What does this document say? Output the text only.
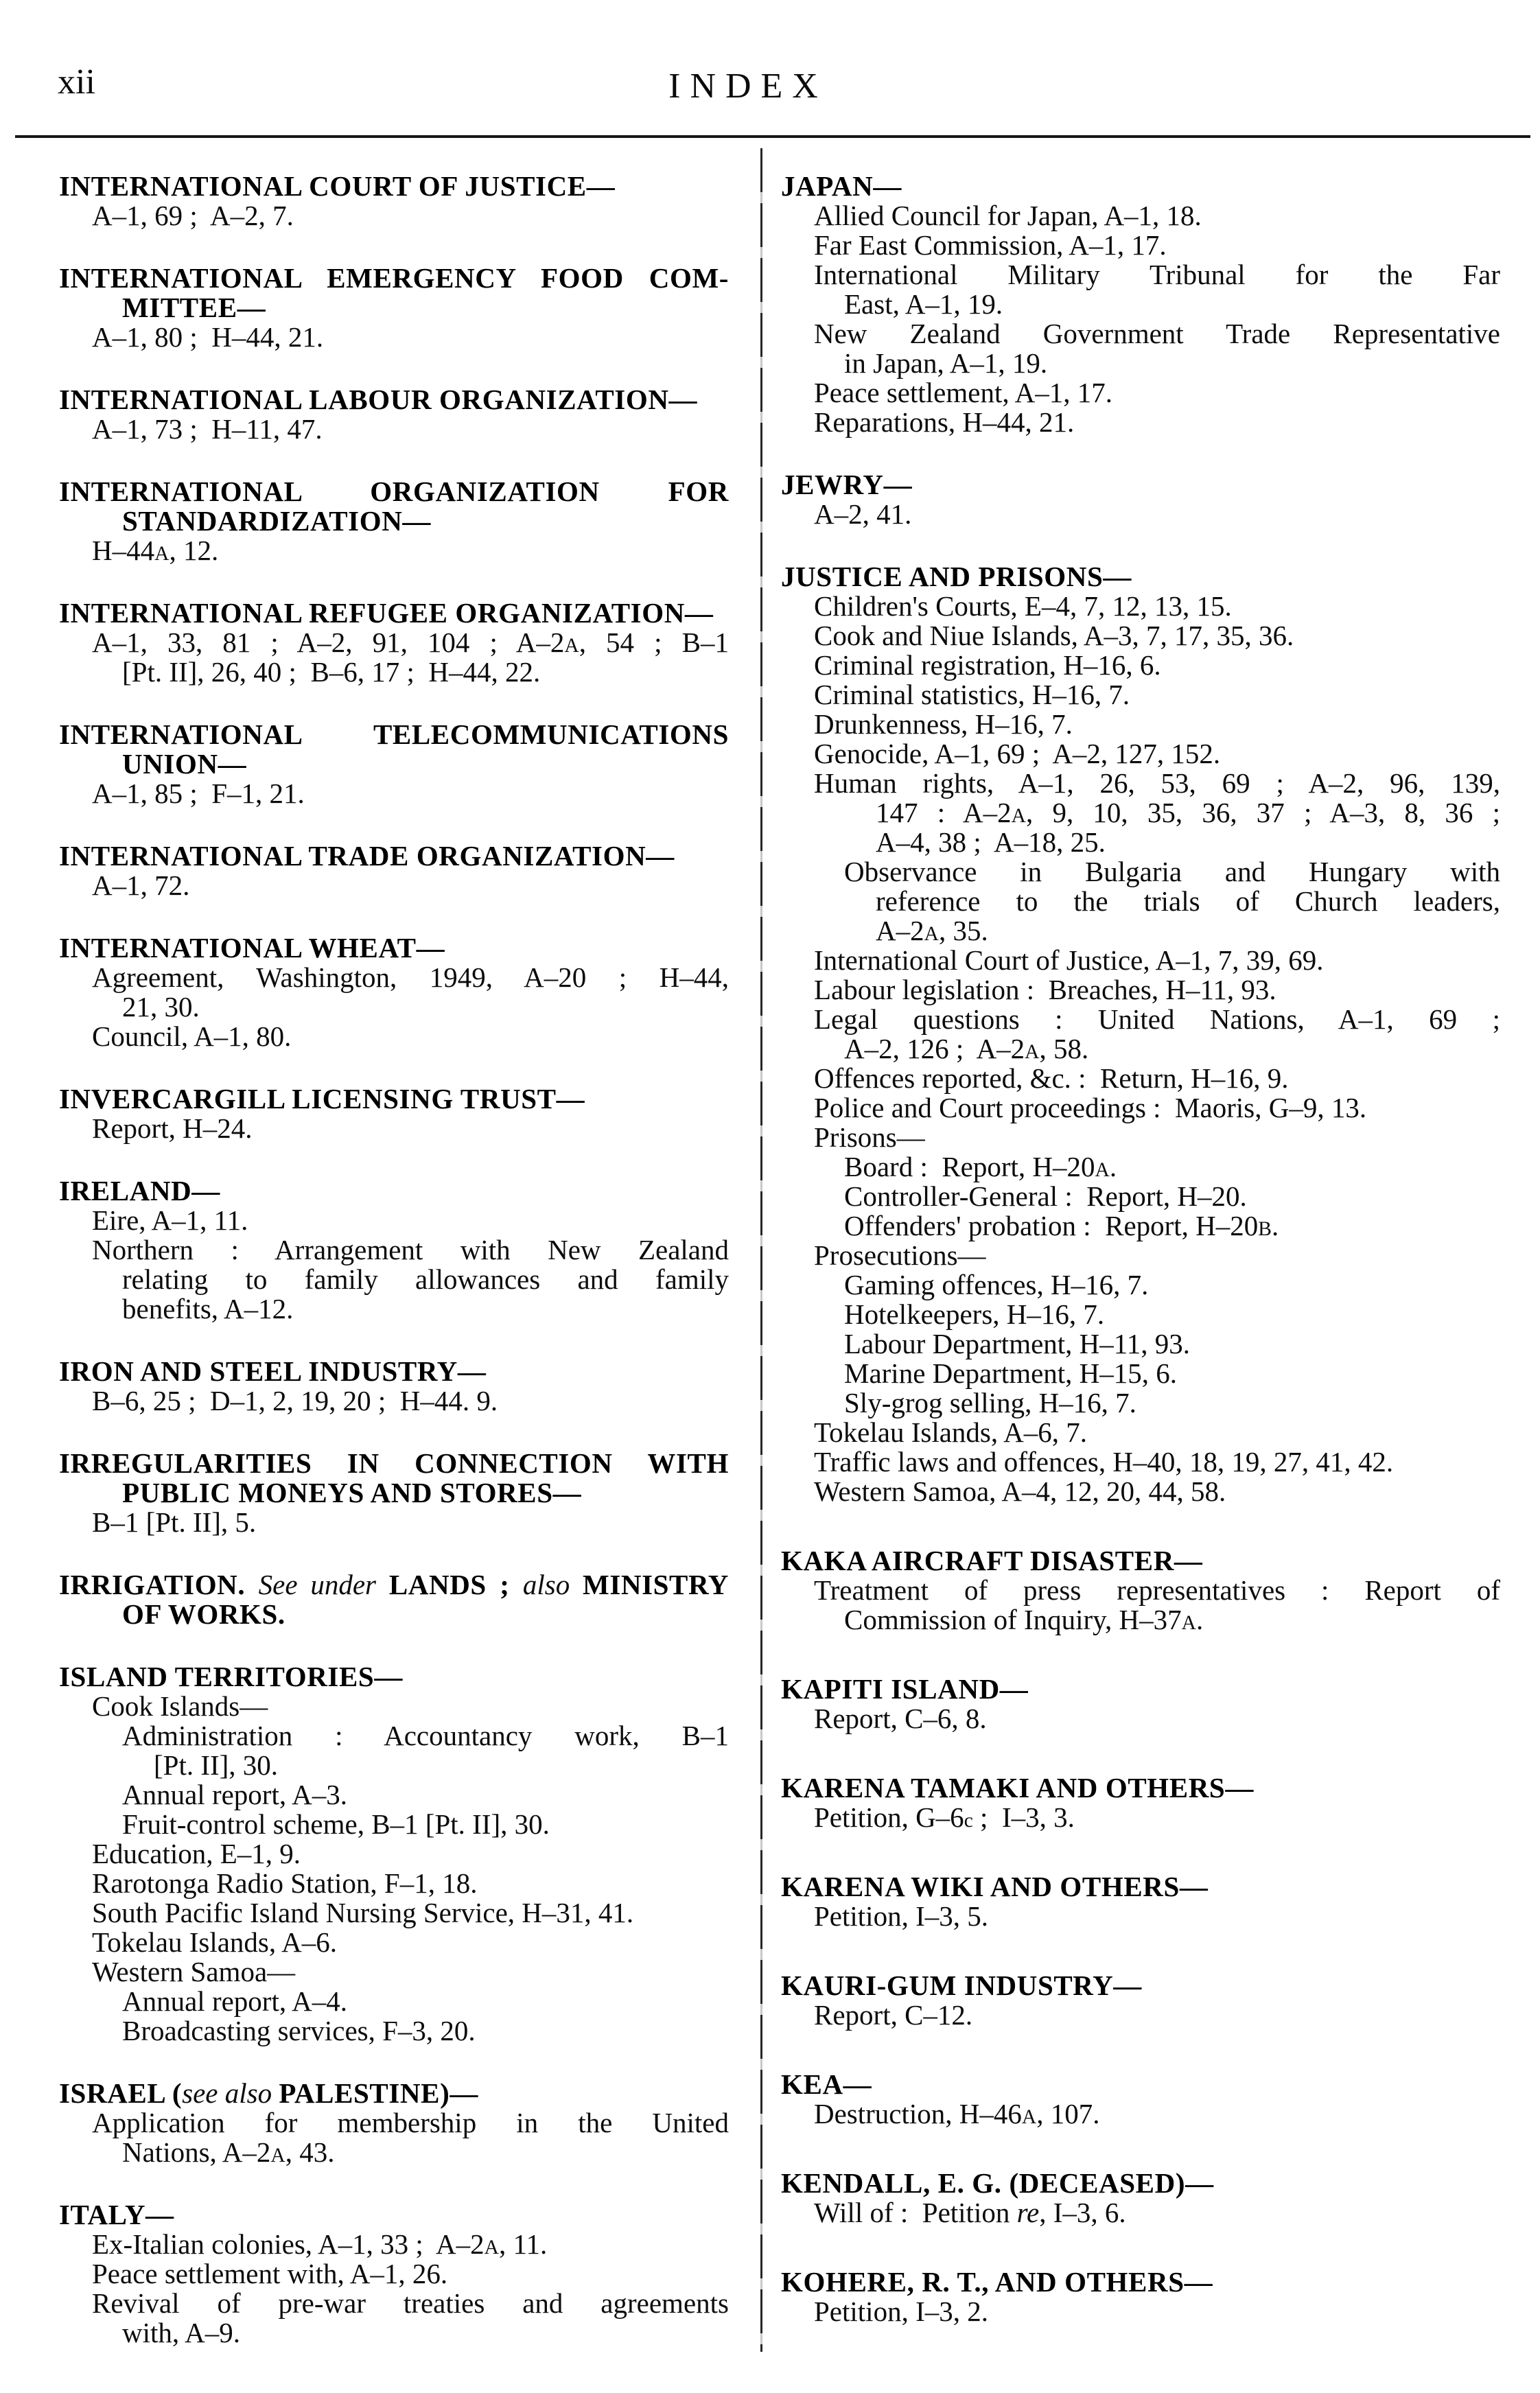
xii	INDEX
INTERNATIONAL COURT OF JUSTICE—
A–1, 69 ;  A–2, 7.
INTERNATIONAL EMERGENCY FOOD COM-
MITTEE—
A–1, 80 ;  H–44, 21.
INTERNATIONAL LABOUR ORGANIZATION—
A–1, 73 ;  H–11, 47.
INTERNATIONAL ORGANIZATION FOR
STANDARDIZATION—
H–44A, 12.
INTERNATIONAL REFUGEE ORGANIZATION—
A–1, 33, 81 ; A–2, 91, 104 ; A–2A, 54 ; B–1
[Pt. II], 26, 40 ;  B–6, 17 ;  H–44, 22.
INTERNATIONAL TELECOMMUNICATIONS
UNION—
A–1, 85 ;  F–1, 21.
INTERNATIONAL TRADE ORGANIZATION—
A–1, 72.
INTERNATIONAL WHEAT—
Agreement, Washington, 1949, A–20 ; H–44,
21, 30.
Council, A–1, 80.
INVERCARGILL LICENSING TRUST—
Report, H–24.
IRELAND—
Eire, A–1, 11.
Northern : Arrangement with New Zealand
relating to family allowances and family
benefits, A–12.
IRON AND STEEL INDUSTRY—
B–6, 25 ;  D–1, 2, 19, 20 ;  H–44. 9.
IRREGULARITIES IN CONNECTION WITH
PUBLIC MONEYS AND STORES—
B–1 [Pt. II], 5.
IRRIGATION. See under LANDS ; also MINISTRY
OF WORKS.
ISLAND TERRITORIES—
Cook Islands—
Administration : Accountancy work, B–1
[Pt. II], 30.
Annual report, A–3.
Fruit-control scheme, B–1 [Pt. II], 30.
Education, E–1, 9.
Rarotonga Radio Station, F–1, 18.
South Pacific Island Nursing Service, H–31, 41.
Tokelau Islands, A–6.
Western Samoa—
Annual report, A–4.
Broadcasting services, F–3, 20.
ISRAEL (see also PALESTINE)—
Application for membership in the United
Nations, A–2A, 43.
ITALY—
Ex-Italian colonies, A–1, 33 ;  A–2A, 11.
Peace settlement with, A–1, 26.
Revival of pre-war treaties and agreements
with, A–9.
JAPAN—
Allied Council for Japan, A–1, 18.
Far East Commission, A–1, 17.
International Military Tribunal for the Far
East, A–1, 19.
New Zealand Government Trade Representative
in Japan, A–1, 19.
Peace settlement, A–1, 17.
Reparations, H–44, 21.
JEWRY—
A–2, 41.
JUSTICE AND PRISONS—
Children's Courts, E–4, 7, 12, 13, 15.
Cook and Niue Islands, A–3, 7, 17, 35, 36.
Criminal registration, H–16, 6.
Criminal statistics, H–16, 7.
Drunkenness, H–16, 7.
Genocide, A–1, 69 ;  A–2, 127, 152.
Human rights, A–1, 26, 53, 69 ; A–2, 96, 139,
147 : A–2A, 9, 10, 35, 36, 37 ; A–3, 8, 36 ;
A–4, 38 ;  A–18, 25.
Observance in Bulgaria and Hungary with
reference to the trials of Church leaders,
A–2A, 35.
International Court of Justice, A–1, 7, 39, 69.
Labour legislation :  Breaches, H–11, 93.
Legal questions : United Nations, A–1, 69 ;
A–2, 126 ;  A–2A, 58.
Offences reported, &c. :  Return, H–16, 9.
Police and Court proceedings :  Maoris, G–9, 13.
Prisons—
Board :  Report, H–20A.
Controller-General :  Report, H–20.
Offenders' probation :  Report, H–20B.
Prosecutions—
Gaming offences, H–16, 7.
Hotelkeepers, H–16, 7.
Labour Department, H–11, 93.
Marine Department, H–15, 6.
Sly-grog selling, H–16, 7.
Tokelau Islands, A–6, 7.
Traffic laws and offences, H–40, 18, 19, 27, 41, 42.
Western Samoa, A–4, 12, 20, 44, 58.
KAKA AIRCRAFT DISASTER—
Treatment of press representatives : Report of
Commission of Inquiry, H–37A.
KAPITI ISLAND—
Report, C–6, 8.
KARENA TAMAKI AND OTHERS—
Petition, G–6c ;  I–3, 3.
KARENA WIKI AND OTHERS—
Petition, I–3, 5.
KAURI-GUM INDUSTRY—
Report, C–12.
KEA—
Destruction, H–46A, 107.
KENDALL, E. G. (DECEASED)—
Will of :  Petition re, I–3, 6.
KOHERE, R. T., AND OTHERS—
Petition, I–3, 2.
